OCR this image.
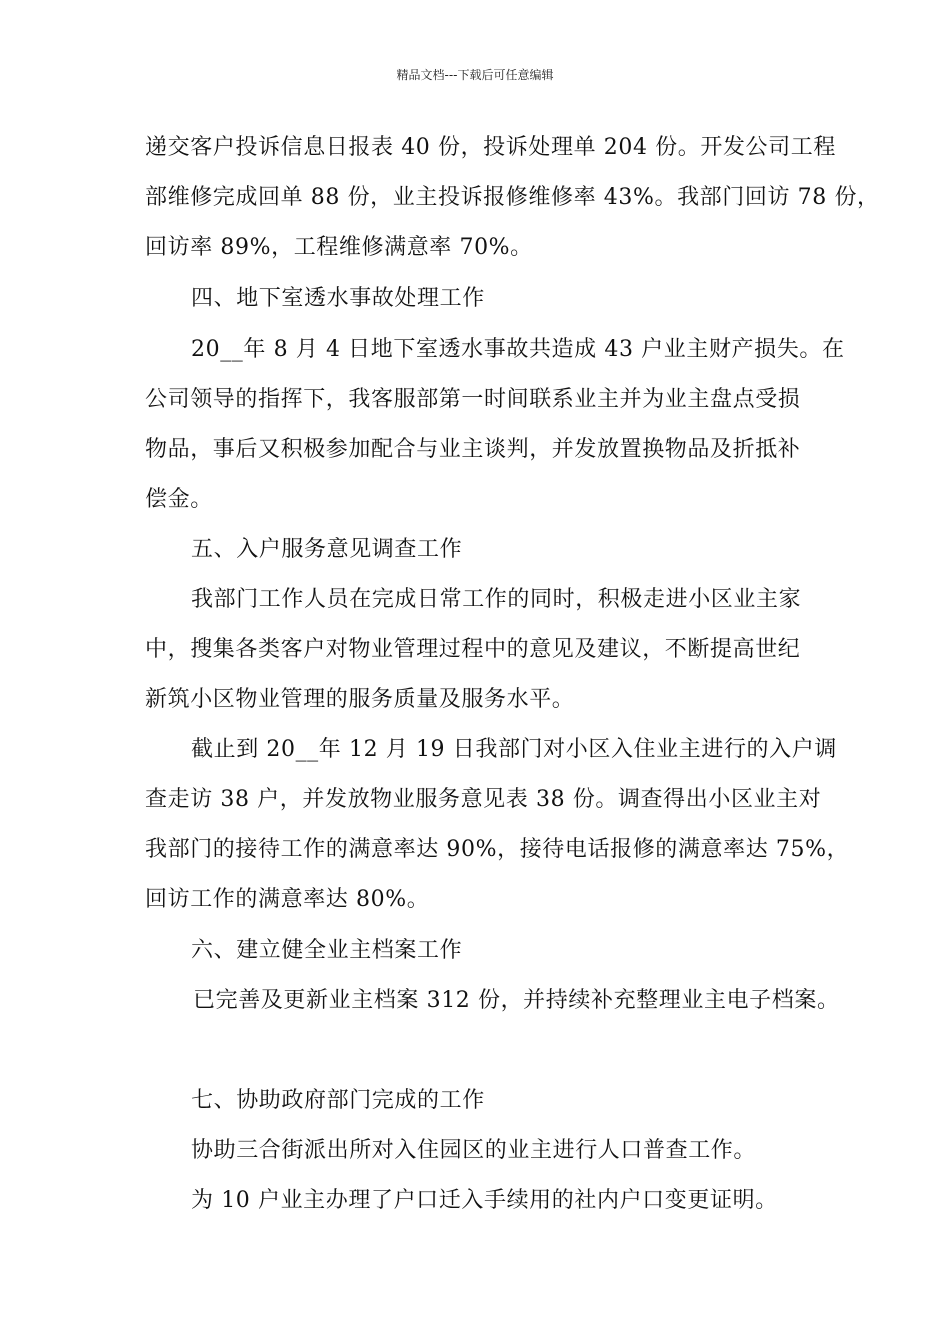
精品文档---下载后可任意编辑
递交客户投诉信息日报表 40 份，投诉处理单 204 份。开发公司工程
部维修完成回单 88 份，业主投诉报修维修率 43%。我部门回访 78 份，
回访率 89%，工程维修满意率 70%。
四、地下室透水事故处理工作
20__年 8 月 4 日地下室透水事故共造成 43 户业主财产损失。在
公司领导的指挥下，我客服部第一时间联系业主并为业主盘点受损
物品，事后又积极参加配合与业主谈判，并发放置换物品及折抵补
偿金。
五、入户服务意见调查工作
我部门工作人员在完成日常工作的同时，积极走进小区业主家
中，搜集各类客户对物业管理过程中的意见及建议，不断提高世纪
新筑小区物业管理的服务质量及服务水平。
截止到 20__年 12 月 19 日我部门对小区入住业主进行的入户调
查走访 38 户，并发放物业服务意见表 38 份。调查得出小区业主对
我部门的接待工作的满意率达 90%，接待电话报修的满意率达 75%，
回访工作的满意率达 80%。
六、建立健全业主档案工作
已完善及更新业主档案 312 份，并持续补充整理业主电子档案。
七、协助政府部门完成的工作
协助三合街派出所对入住园区的业主进行人口普查工作。
为 10 户业主办理了户口迁入手续用的社内户口变更证明。
